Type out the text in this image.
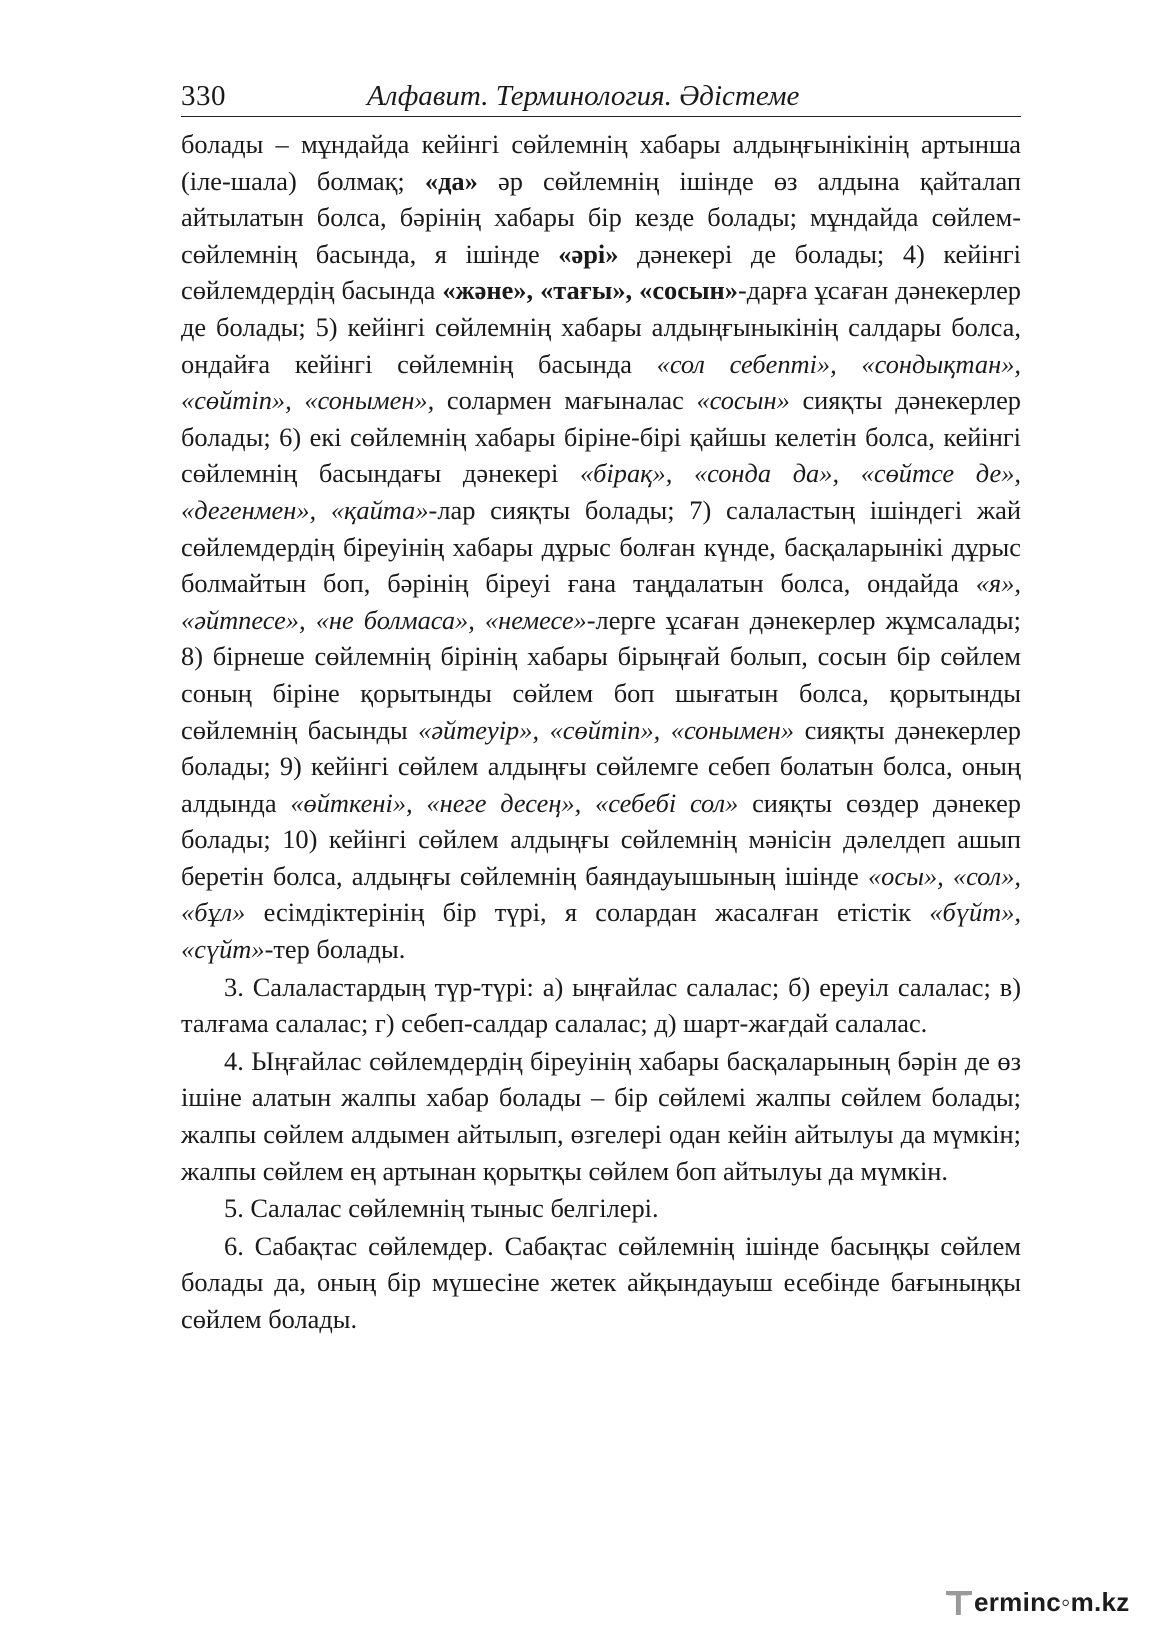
330	Алфавит. Терминология. Әдістеме

болады – мұндайда кейінгі сөйлемнің хабары алдыңғынікінің артынша (іле-шала) болмақ; «да» әр сөйлемнің ішінде өз алдына қайталап айтылатын болса, бәрінің хабары бір кезде болады; мұндайда сөйлем-сөйлемнің басында, я ішінде «әрі» дәнекері де болады; 4) кейінгі сөйлемдердің басында «және», «тағы», «сосын»-дарға ұсаған дәнекерлер де болады; 5) кейінгі сөйлемнің хабары алдыңғыныкінің салдары болса, ондайға кейінгі сөйлемнің басында «сол себепті», «сондықтан», «сөйтіп», «сонымен», солармен мағыналас «сосын» сияқты дәнекерлер болады; 6) екі сөйлемнің хабары біріне-бірі қайшы келетін болса, кейінгі сөйлемнің басындағы дәнекері «бірақ», «сонда да», «сөйтсе де», «дегенмен», «қайта»-лар сияқты болады; 7) салаластың ішіндегі жай сөйлемдердің біреуінің хабары дұрыс болған күнде, басқаларынікі дұрыс болмайтын боп, бәрінің біреуі ғана таңдалатын болса, ондайда «я», «әйтпесе», «не болмаса», «немесе»-лерге ұсаған дәнекерлер жұмсалады; 8) бірнеше сөйлемнің бірінің хабары бірыңғай болып, сосын бір сөйлем соның біріне қорытынды сөйлем боп шығатын болса, қорытынды сөйлемнің басынды «әйтеуір», «сөйтіп», «сонымен» сияқты дәнекерлер болады; 9) кейінгі сөйлем алдыңғы сөйлемге себеп болатын болса, оның алдында «өйткені», «неге десең», «себебі сол» сияқты сөздер дәнекер болады; 10) кейінгі сөйлем алдыңғы сөйлемнің мәнісін дәлелдеп ашып беретін болса, алдыңғы сөйлемнің баяндауышының ішінде «осы», «сол», «бұл» есімдіктерінің бір түрі, я солардан жасалған етістік «бүйт», «сүйт»-тер болады.

3. Салаластардың түр-түрі: а) ыңғайлас салалас; б) ереуіл салалас; в) талғама салалас; г) себеп-салдар салалас; д) шарт-жағдай салалас.

4. Ыңғайлас сөйлемдердің біреуінің хабары басқаларының бәрін де өз ішіне алатын жалпы хабар болады – бір сөйлемі жалпы сөйлем болады; жалпы сөйлем алдымен айтылып, өзгелері одан кейін айтылуы да мүмкін; жалпы сөйлем ең артынан қорытқы сөйлем боп айтылуы да мүмкін.

5. Салалас сөйлемнің тыныс белгілері.

6. Сабақтас сөйлемдер. Сабақтас сөйлемнің ішінде басыңқы сөйлем болады да, оның бір мүшесіне жетек айқындауыш есебінде бағыныңқы сөйлем болады.

T erminc◦m.kz
